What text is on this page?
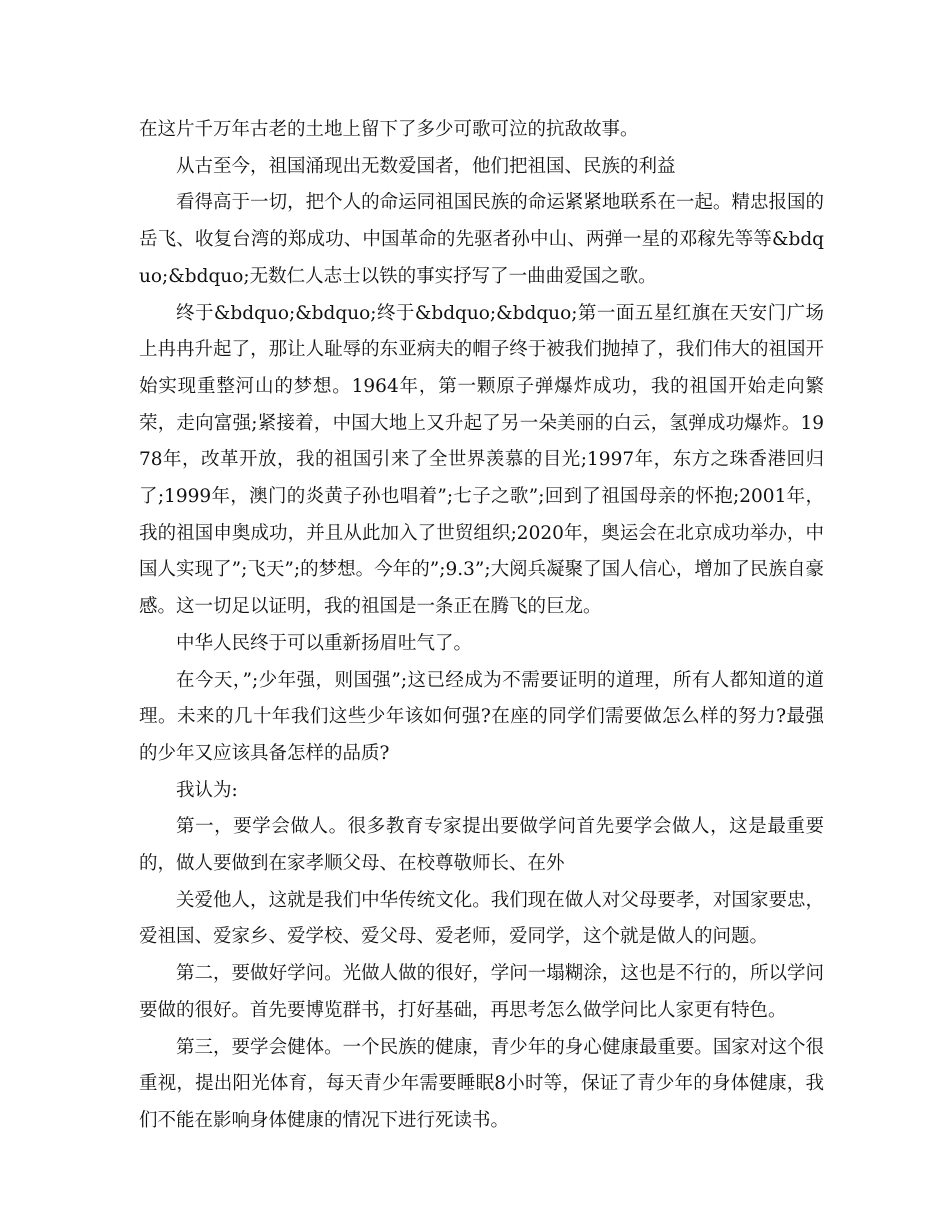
在这片千万年古老的土地上留下了多少可歌可泣的抗敌故事。

从古至今，祖国涌现出无数爱国者，他们把祖国、民族的利益

看得高于一切，把个人的命运同祖国民族的命运紧紧地联系在一起。精忠报国的岳飞、收复台湾的郑成功、中国革命的先驱者孙中山、两弹一星的邓稼先等等&bdquo;&bdquo;无数仁人志士以铁的事实抒写了一曲曲爱国之歌。

终于&bdquo;&bdquo;终于&bdquo;&bdquo;第一面五星红旗在天安门广场上冉冉升起了，那让人耻辱的东亚病夫的帽子终于被我们抛掉了，我们伟大的祖国开始实现重整河山的梦想。1964年，第一颗原子弹爆炸成功，我的祖国开始走向繁荣，走向富强;紧接着，中国大地上又升起了另一朵美丽的白云，氢弹成功爆炸。1978年，改革开放，我的祖国引来了全世界羡慕的目光;1997年，东方之珠香港回归了;1999年，澳门的炎黄子孙也唱着”;七子之歌”;回到了祖国母亲的怀抱;2001年，我的祖国申奥成功，并且从此加入了世贸组织;2020年，奥运会在北京成功举办，中国人实现了”;飞天”;的梦想。今年的”;9.3”;大阅兵凝聚了国人信心，增加了民族自豪感。这一切足以证明，我的祖国是一条正在腾飞的巨龙。

中华人民终于可以重新扬眉吐气了。

在今天，”;少年强，则国强”;这已经成为不需要证明的道理，所有人都知道的道理。未来的几十年我们这些少年该如何强?在座的同学们需要做怎么样的努力?最强的少年又应该具备怎样的品质?

我认为:

第一，要学会做人。很多教育专家提出要做学问首先要学会做人，这是最重要的，做人要做到在家孝顺父母、在校尊敬师长、在外

关爱他人，这就是我们中华传统文化。我们现在做人对父母要孝，对国家要忠，爱祖国、爱家乡、爱学校、爱父母、爱老师，爱同学，这个就是做人的问题。

第二，要做好学问。光做人做的很好，学问一塌糊涂，这也是不行的，所以学问要做的很好。首先要博览群书，打好基础，再思考怎么做学问比人家更有特色。

第三，要学会健体。一个民族的健康，青少年的身心健康最重要。国家对这个很重视，提出阳光体育，每天青少年需要睡眠8小时等，保证了青少年的身体健康，我们不能在影响身体健康的情况下进行死读书。
